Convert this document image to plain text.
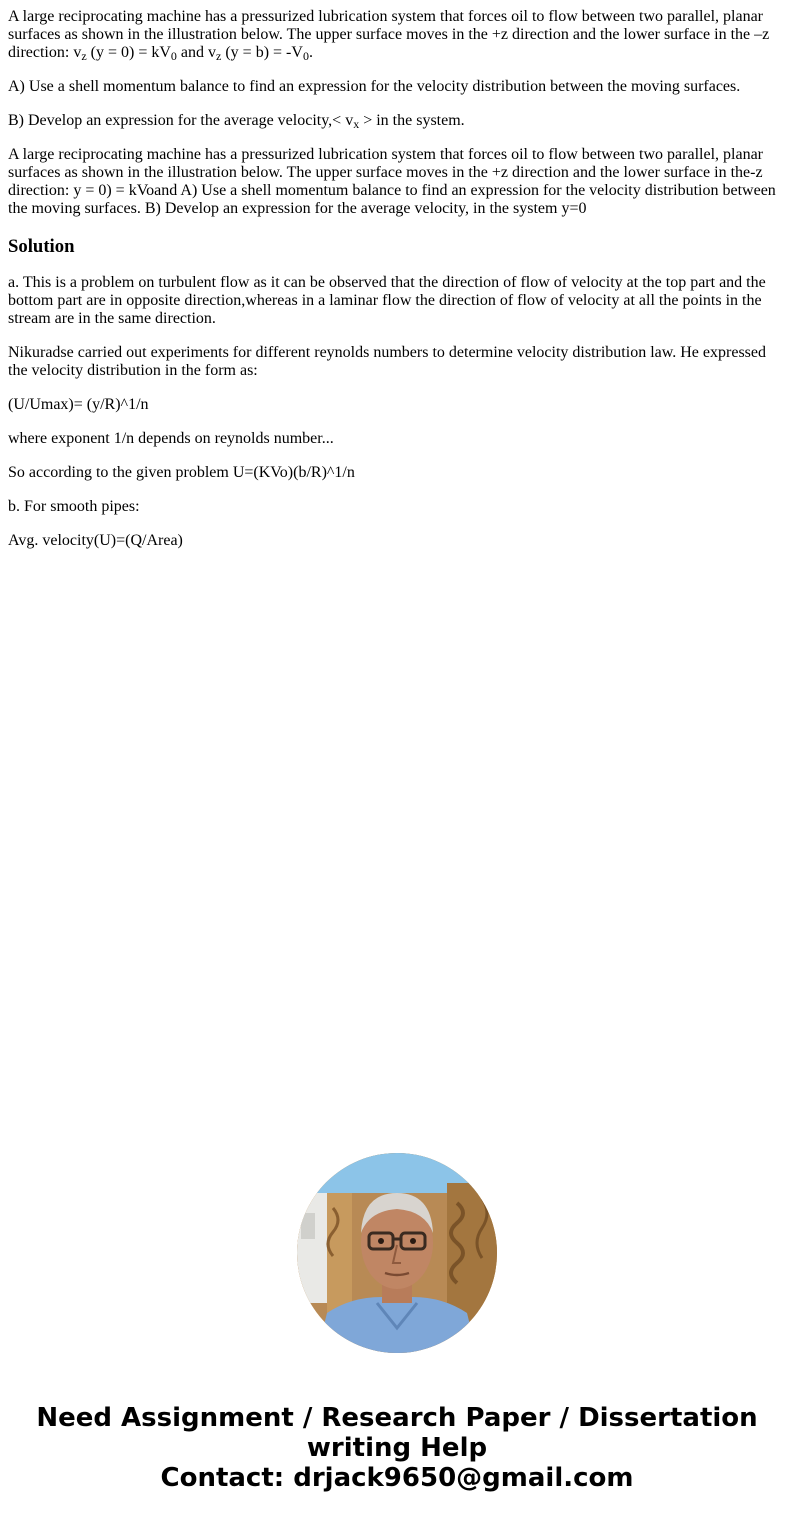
A large reciprocating machine has a pressurized lubrication system that forces oil to flow between two parallel, planar surfaces as shown in the illustration below. The upper surface moves in the +z direction and the lower surface in the –z direction: $v_z$ $(y = 0) = kV_0$ and $v_z$ $(y = b) = -V_0$.

A) Use a shell momentum balance to find an expression for the velocity distribution between the moving surfaces.

B) Develop an expression for the average velocity,< $v_x$ > in the system.

A large reciprocating machine has a pressurized lubrication system that forces oil to flow between two parallel, planar surfaces as shown in the illustration below. The upper surface moves in the +z direction and the lower surface in the-z direction: y = 0) = kVoand A) Use a shell momentum balance to find an expression for the velocity distribution between the moving surfaces. B) Develop an expression for the average velocity, in the system y=0

Solution

a. This is a problem on turbulent flow as it can be observed that the direction of flow of velocity at the top part and the bottom part are in opposite direction,whereas in a laminar flow the direction of flow of velocity at all the points in the stream are in the same direction.

Nikuradse carried out experiments for different reynolds numbers to determine velocity distribution law. He expressed the velocity distribution in the form as:

(U/Umax)= (y/R)^1/n

where exponent 1/n depends on reynolds number...

So according to the given problem U=(KVo)(b/R)^1/n

b. For smooth pipes:

Avg. velocity(U)=(Q/Area)

Need Assignment / Research Paper / Dissertation
writing Help
Contact: drjack9650@gmail.com
